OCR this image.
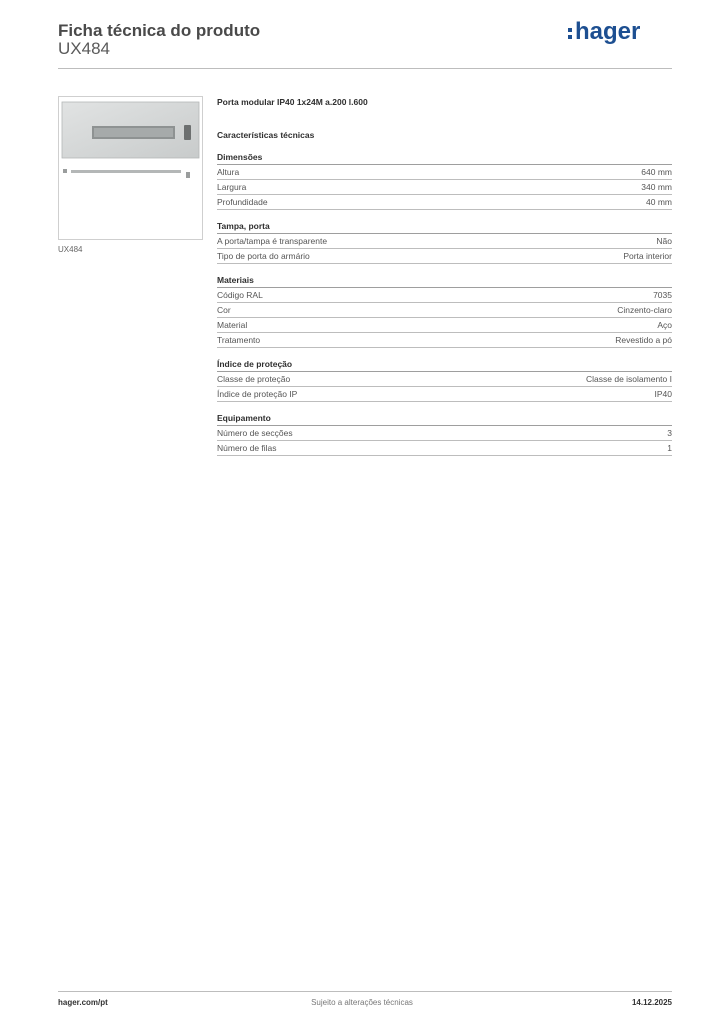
Ficha técnica do produto
UX484
hager
UX484
Porta modular IP40 1x24M a.200 l.600
Características técnicas
Dimensões
Altura	640 mm
Largura	340 mm
Profundidade	40 mm
Tampa, porta
A porta/tampa é transparente	Não
Tipo de porta do armário	Porta interior
Materiais
Código RAL	7035
Cor	Cinzento-claro
Material	Aço
Tratamento	Revestido a pó
Índice de proteção
Classe de proteção	Classe de isolamento I
Índice de proteção IP	IP40
Equipamento
Número de secções	3
Número de filas	1
hager.com/pt	Sujeito a alterações técnicas	14.12.2025
